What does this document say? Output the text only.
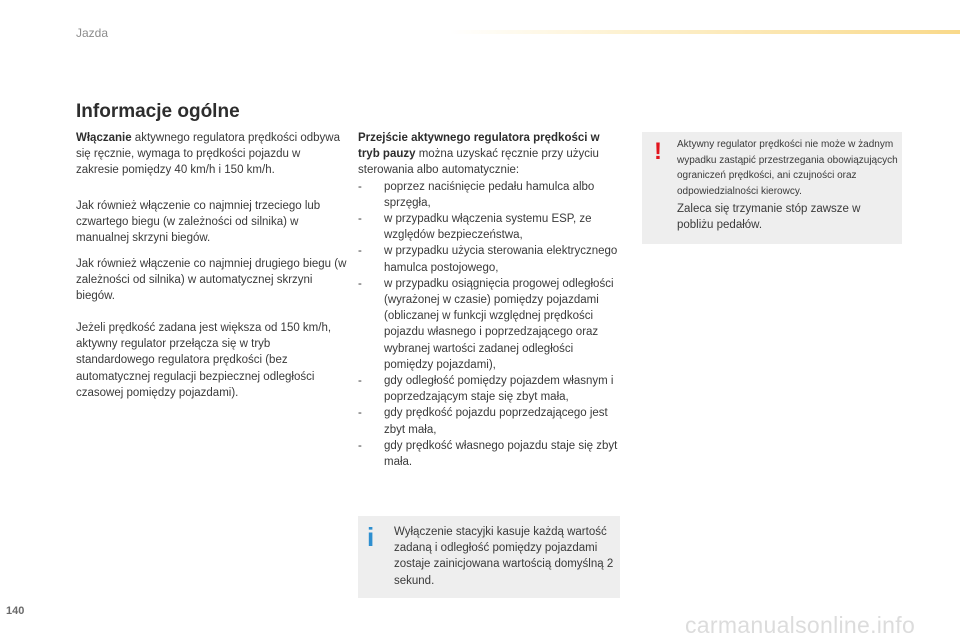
Jazda
Informacje ogólne
Włączanie aktywnego regulatora prędkości odbywa się ręcznie, wymaga to prędkości pojazdu w zakresie pomiędzy 40 km/h i 150 km/h.
Jak również włączenie co najmniej trzeciego lub czwartego biegu (w zależności od silnika) w manualnej skrzyni biegów.
Jak również włączenie co najmniej drugiego biegu (w zależności od silnika) w automatycznej skrzyni biegów.
Jeżeli prędkość zadana jest większa od 150 km/h, aktywny regulator przełącza się w tryb standardowego regulatora prędkości (bez automatycznej regulacji bezpiecznej odległości czasowej pomiędzy pojazdami).
Przejście aktywnego regulatora prędkości w tryb pauzy można uzyskać ręcznie przy użyciu sterowania albo automatycznie:
- poprzez naciśnięcie pedału hamulca albo sprzęgła,
- w przypadku włączenia systemu ESP, ze względów bezpieczeństwa,
- w przypadku użycia sterowania elektrycznego hamulca postojowego,
- w przypadku osiągnięcia progowej odległości (wyrażonej w czasie) pomiędzy pojazdami (obliczanej w funkcji względnej prędkości pojazdu własnego i poprzedzającego oraz wybranej wartości zadanej odległości pomiędzy pojazdami),
- gdy odległość pomiędzy pojazdem własnym i poprzedzającym staje się zbyt mała,
- gdy prędkość pojazdu poprzedzającego jest zbyt mała,
- gdy prędkość własnego pojazdu staje się zbyt mała.
! Aktywny regulator prędkości nie może w żadnym wypadku zastąpić przestrzegania obowiązujących ograniczeń prędkości, ani czujności oraz odpowiedzialności kierowcy.
Zaleca się trzymanie stóp zawsze w pobliżu pedałów.
i Wyłączenie stacyjki kasuje każdą wartość zadaną i odległość pomiędzy pojazdami zostaje zainicjowana wartością domyślną 2 sekund.
140
carmanualsonline.info
